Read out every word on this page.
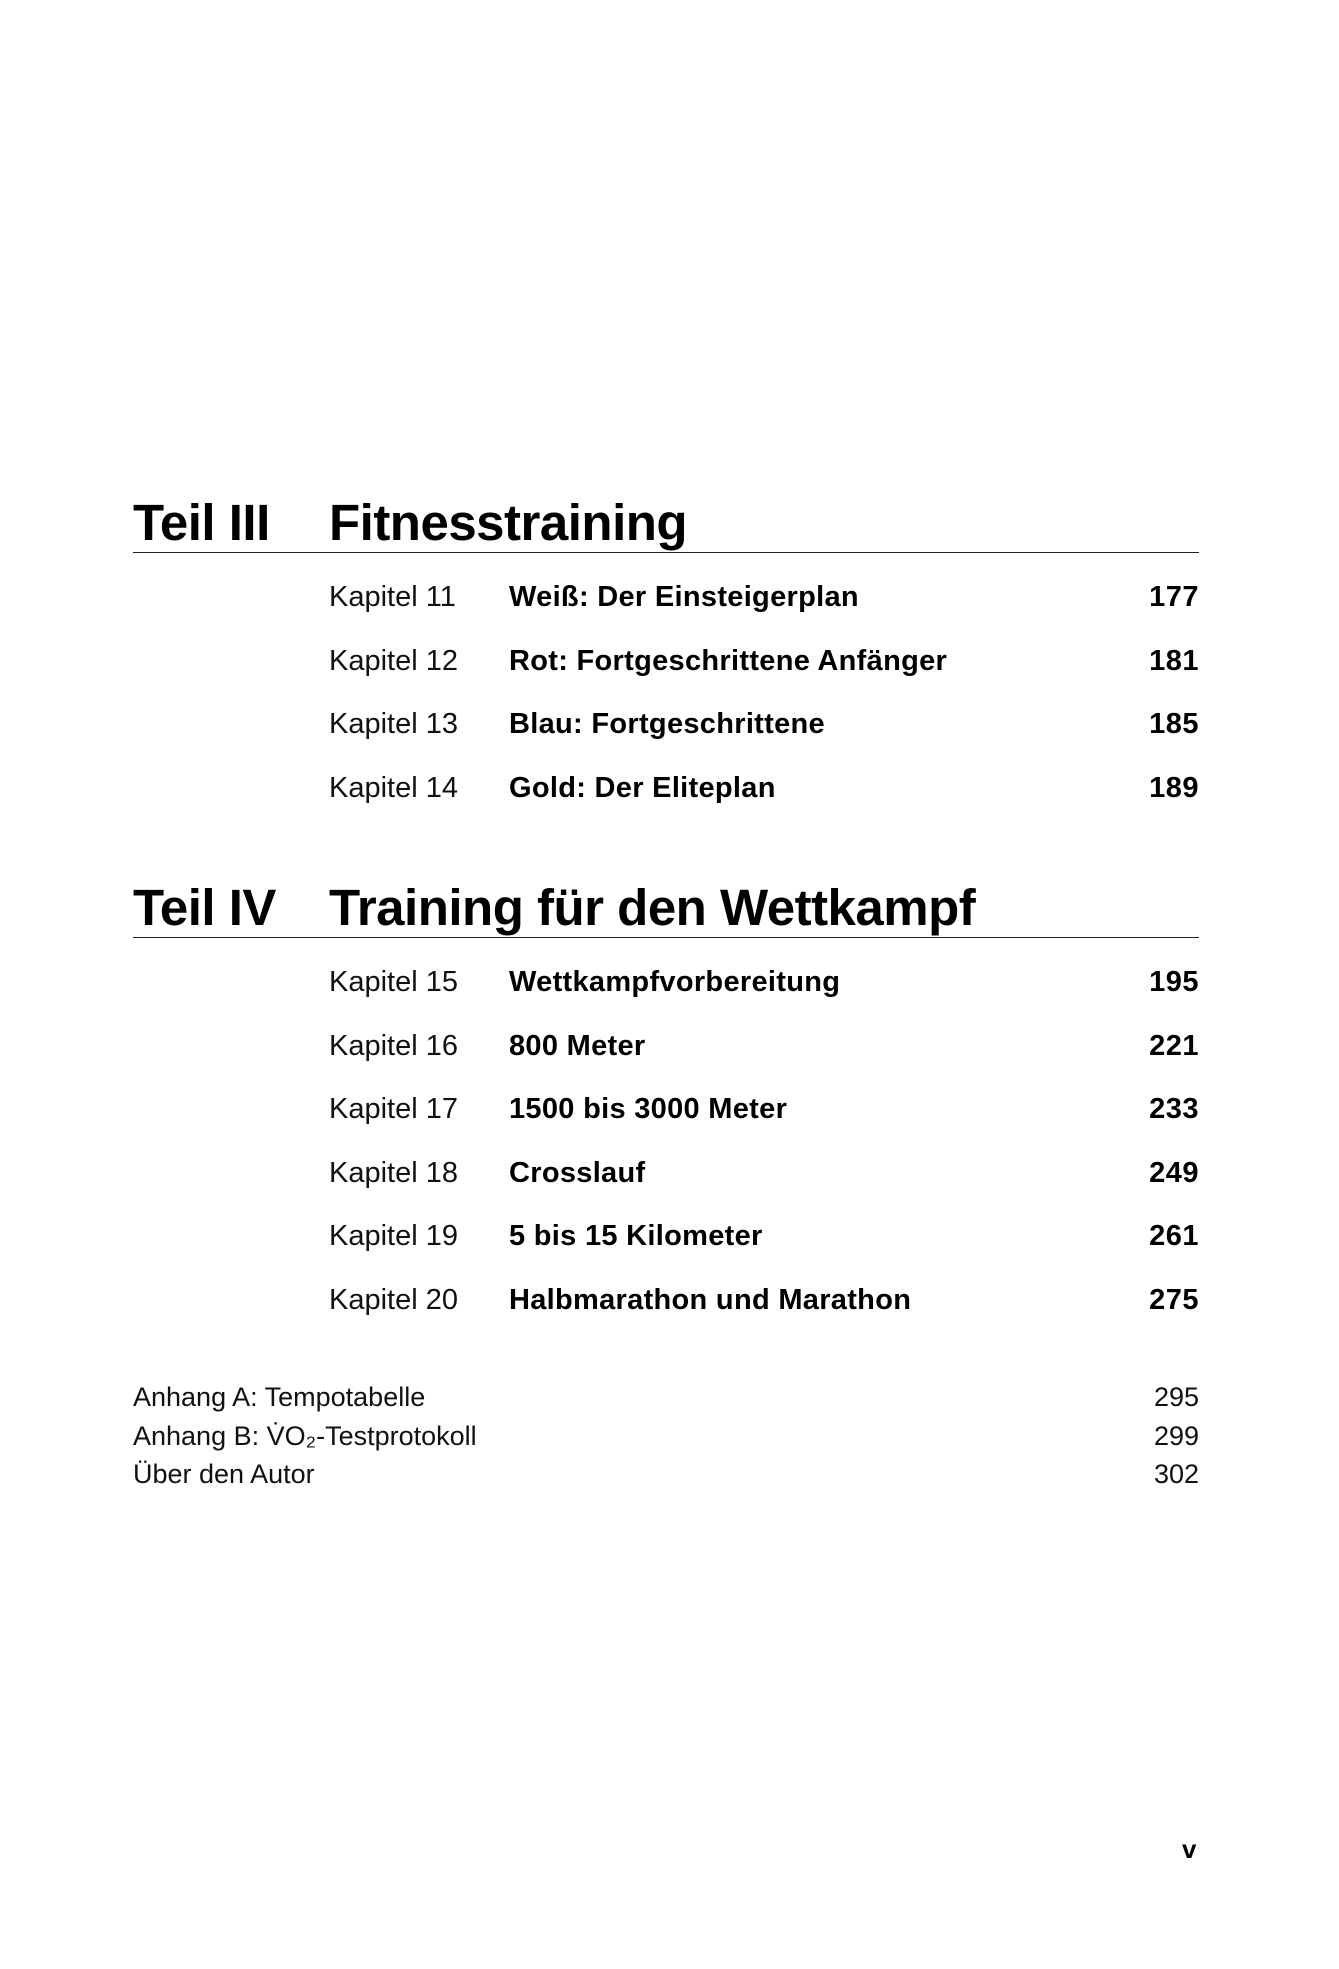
Teil III Fitnesstraining
Kapitel 11 Weiß: Der Einsteigerplan	177
Kapitel 12 Rot: Fortgeschrittene Anfänger	181
Kapitel 13 Blau: Fortgeschrittene	185
Kapitel 14 Gold: Der Eliteplan	189
Teil IV Training für den Wettkampf
Kapitel 15 Wettkampfvorbereitung	195
Kapitel 16 800 Meter	221
Kapitel 17 1500 bis 3000 Meter	233
Kapitel 18 Crosslauf	249
Kapitel 19 5 bis 15 Kilometer	261
Kapitel 20 Halbmarathon und Marathon	275
Anhang A: Tempotabelle	295
Anhang B: V̇O₂-Testprotokoll	299
Über den Autor	302
v
